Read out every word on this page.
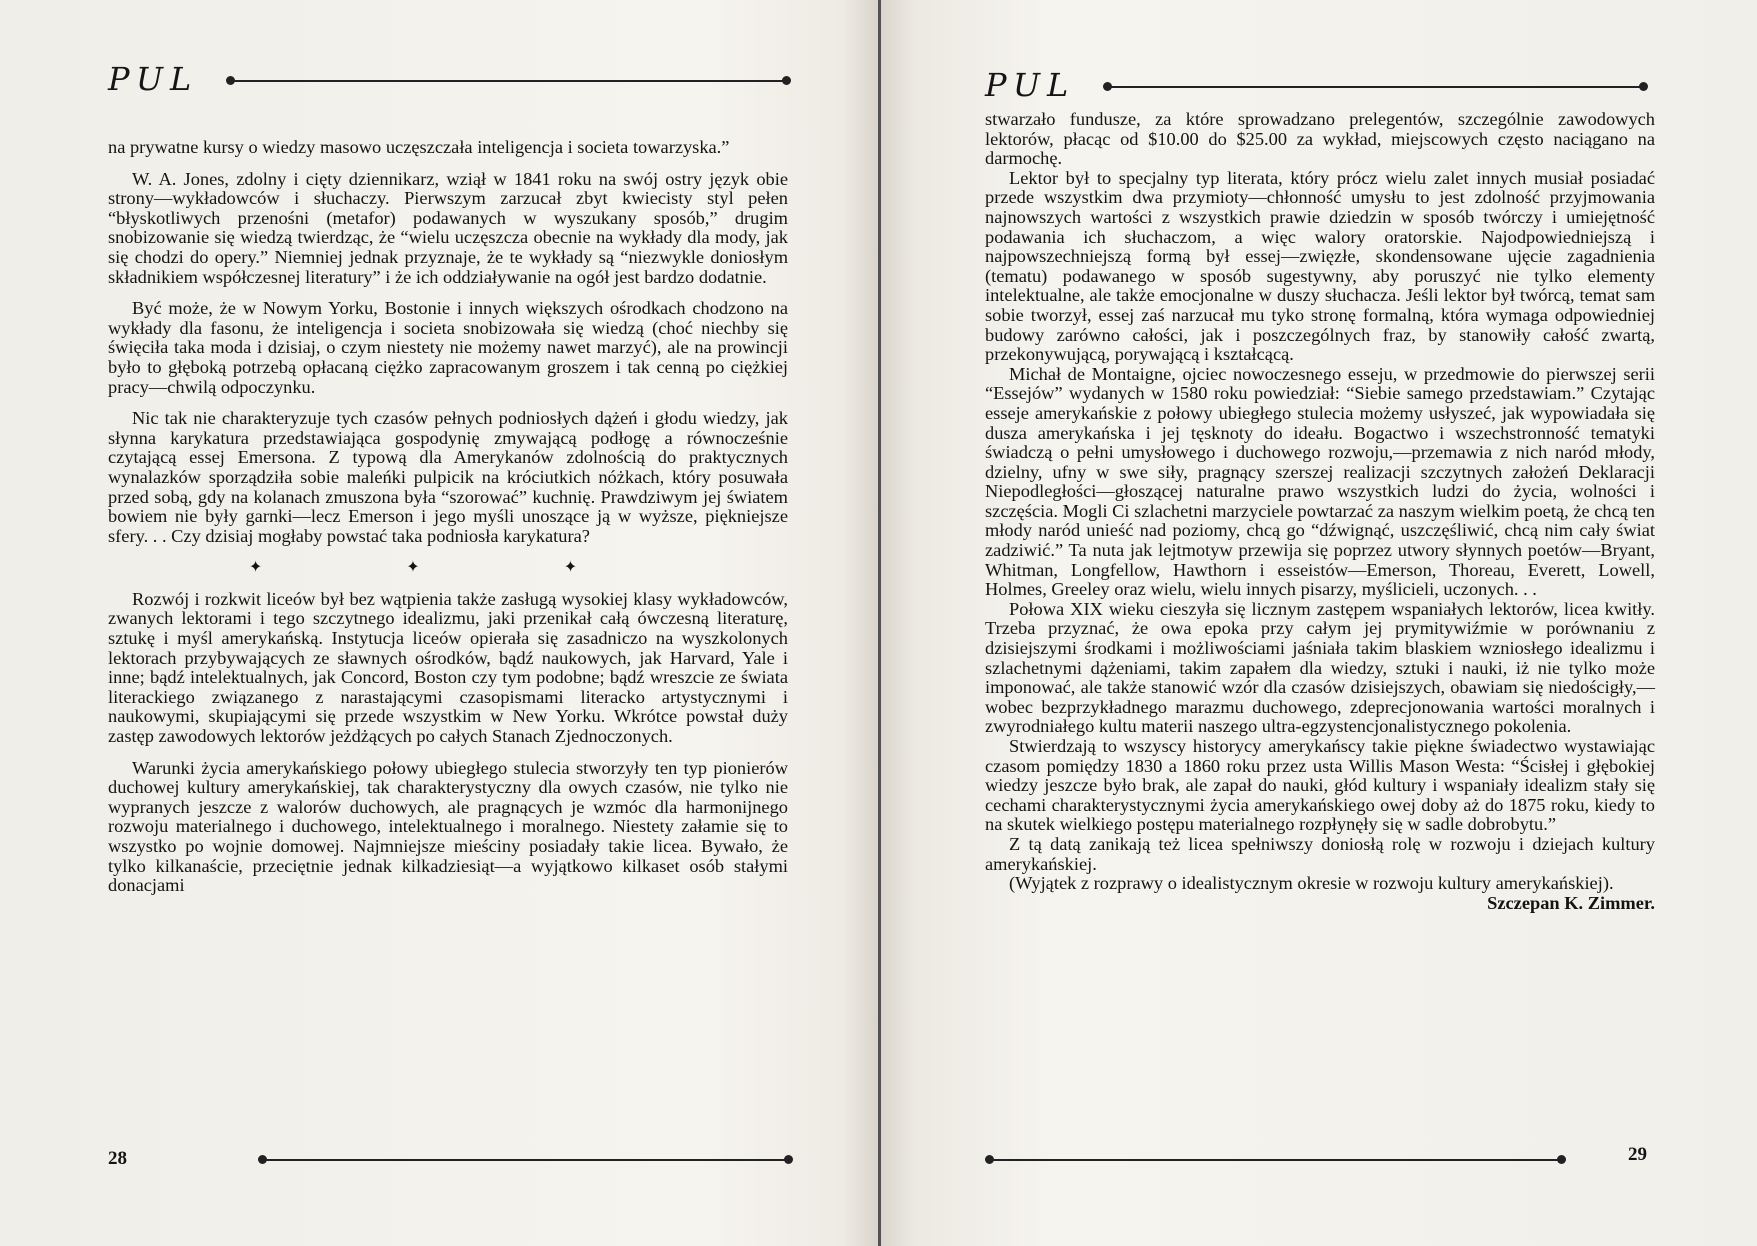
PUL

na prywatne kursy o wiedzy masowo uczęszczała inteligencja i societa towarzyska.”

W. A. Jones, zdolny i cięty dziennikarz, wziął w 1841 roku na swój ostry język obie strony—wykładowców i słuchaczy. Pierwszym zarzucał zbyt kwiecisty styl pełen “błyskotliwych przenośni (metafor) podawanych w wyszukany sposób,” drugim snobizowanie się wiedzą twierdząc, że “wielu uczęszcza obecnie na wykłady dla mody, jak się chodzi do opery.” Niemniej jednak przyznaje, że te wykłady są “niezwykle doniosłym składnikiem współczesnej literatury” i że ich oddziaływanie na ogół jest bardzo dodatnie.

Być może, że w Nowym Yorku, Bostonie i innych większych ośrodkach chodzono na wykłady dla fasonu, że inteligencja i societa snobizowała się wiedzą (choć niechby się święciła taka moda i dzisiaj, o czym niestety nie możemy nawet marzyć), ale na prowincji było to głęboką potrzebą opłacaną ciężko zapracowanym groszem i tak cenną po ciężkiej pracy—chwilą odpoczynku.

Nic tak nie charakteryzuje tych czasów pełnych podniosłych dążeń i głodu wiedzy, jak słynna karykatura przedstawiająca gospodynię zmywającą podłogę a równocześnie czytającą essej Emersona. Z typową dla Amerykanów zdolnością do praktycznych wynalazków sporządziła sobie maleńki pulpicik na króciutkich nóżkach, który posuwała przed sobą, gdy na kolanach zmuszona była “szorować” kuchnię. Prawdziwym jej światem bowiem nie były garnki—lecz Emerson i jego myśli unoszące ją w wyższe, piękniejsze sfery. . . Czy dzisiaj mogłaby powstać taka podniosła karykatura?

✦ ✦ ✦

Rozwój i rozkwit liceów był bez wątpienia także zasługą wysokiej klasy wykładowców, zwanych lektorami i tego szczytnego idealizmu, jaki przenikał całą ówczesną literaturę, sztukę i myśl amerykańską. Instytucja liceów opierała się zasadniczo na wyszkolonych lektorach przybywających ze sławnych ośrodków, bądź naukowych, jak Harvard, Yale i inne; bądź intelektualnych, jak Concord, Boston czy tym podobne; bądź wreszcie ze świata literackiego związanego z narastającymi czasopismami literacko artystycznymi i naukowymi, skupiającymi się przede wszystkim w New Yorku. Wkrótce powstał duży zastęp zawodowych lektorów jeżdżących po całych Stanach Zjednoczonych.

Warunki życia amerykańskiego połowy ubiegłego stulecia stworzyły ten typ pionierów duchowej kultury amerykańskiej, tak charakterystyczny dla owych czasów, nie tylko nie wypranych jeszcze z walorów duchowych, ale pragnących je wzmóc dla harmonijnego rozwoju materialnego i duchowego, intelektualnego i moralnego. Niestety załamie się to wszystko po wojnie domowej. Najmniejsze mieściny posiadały takie licea. Bywało, że tylko kilkanaście, przeciętnie jednak kilkadziesiąt—a wyjątkowo kilkaset osób stałymi donacjami

28
PUL

stwarzało fundusze, za które sprowadzano prelegentów, szczególnie zawodowych lektorów, płacąc od $10.00 do $25.00 za wykład, miejscowych często naciągano na darmochę.

Lektor był to specjalny typ literata, który prócz wielu zalet innych musiał posiadać przede wszystkim dwa przymioty—chłonność umysłu to jest zdolność przyjmowania najnowszych wartości z wszystkich prawie dziedzin w sposób twórczy i umiejętność podawania ich słuchaczom, a więc walory oratorskie. Najodpowiedniejszą i najpowszechniejszą formą był essej—zwięzłe, skondensowane ujęcie zagadnienia (tematu) podawanego w sposób sugestywny, aby poruszyć nie tylko elementy intelektualne, ale także emocjonalne w duszy słuchacza. Jeśli lektor był twórcą, temat sam sobie tworzył, essej zaś narzucał mu tyko stronę formalną, która wymaga odpowiedniej budowy zarówno całości, jak i poszczególnych fraz, by stanowiły całość zwartą, przekonywującą, porywającą i kształcącą.

Michał de Montaigne, ojciec nowoczesnego esseju, w przedmowie do pierwszej serii “Essejów” wydanych w 1580 roku powiedział: “Siebie samego przedstawiam.” Czytając esseje amerykańskie z połowy ubiegłego stulecia możemy usłyszeć, jak wypowiadała się dusza amerykańska i jej tęsknoty do ideału. Bogactwo i wszechstronność tematyki świadczą o pełni umysłowego i duchowego rozwoju,—przemawia z nich naród młody, dzielny, ufny w swe siły, pragnący szerszej realizacji szczytnych założeń Deklaracji Niepodległości—głoszącej naturalne prawo wszystkich ludzi do życia, wolności i szczęścia. Mogli Ci szlachetni marzyciele powtarzać za naszym wielkim poetą, że chcą ten młody naród unieść nad poziomy, chcą go “dźwignąć, uszczęśliwić, chcą nim cały świat zadziwić.” Ta nuta jak lejtmotyw przewija się poprzez utwory słynnych poetów—Bryant, Whitman, Longfellow, Hawthorn i esseistów—Emerson, Thoreau, Everett, Lowell, Holmes, Greeley oraz wielu, wielu innych pisarzy, myślicieli, uczonych. . .

Połowa XIX wieku cieszyła się licznym zastępem wspaniałych lektorów, liceа kwitły. Trzeba przyznać, że owa epoka przy całym jej prymitywiźmie w porównaniu z dzisiejszymi środkami i możliwościami jaśniała takim blaskiem wzniosłego idealizmu i szlachetnymi dążeniami, takim zapałem dla wiedzy, sztuki i nauki, iż nie tylko może imponować, ale także stanowić wzór dla czasów dzisiejszych, obawiam się niedościgły,—wobec bezprzykładnego marazmu duchowego, zdeprecjonowania wartości moralnych i zwyrodniałego kultu materii naszego ultra-egzystencjonalistycznego pokolenia.

Stwierdzają to wszyscy historycy amerykańscy takie piękne świadectwo wystawiając czasom pomiędzy 1830 a 1860 roku przez usta Willis Mason Westa: “Ścisłej i głębokiej wiedzy jeszcze było brak, ale zapał do nauki, głód kultury i wspaniały idealizm stały się cechami charakterystycznymi życia amerykańskiego owej doby aż do 1875 roku, kiedy to na skutek wielkiego postępu materialnego rozpłynęły się w sadle dobrobytu.”

Z tą datą zanikają też licea spełniwszy doniosłą rolę w rozwoju i dziejach kultury amerykańskiej.

(Wyjątek z rozprawy o idealistycznym okresie w rozwoju kultury amerykańskiej).

Szczepan K. Zimmer.

29
